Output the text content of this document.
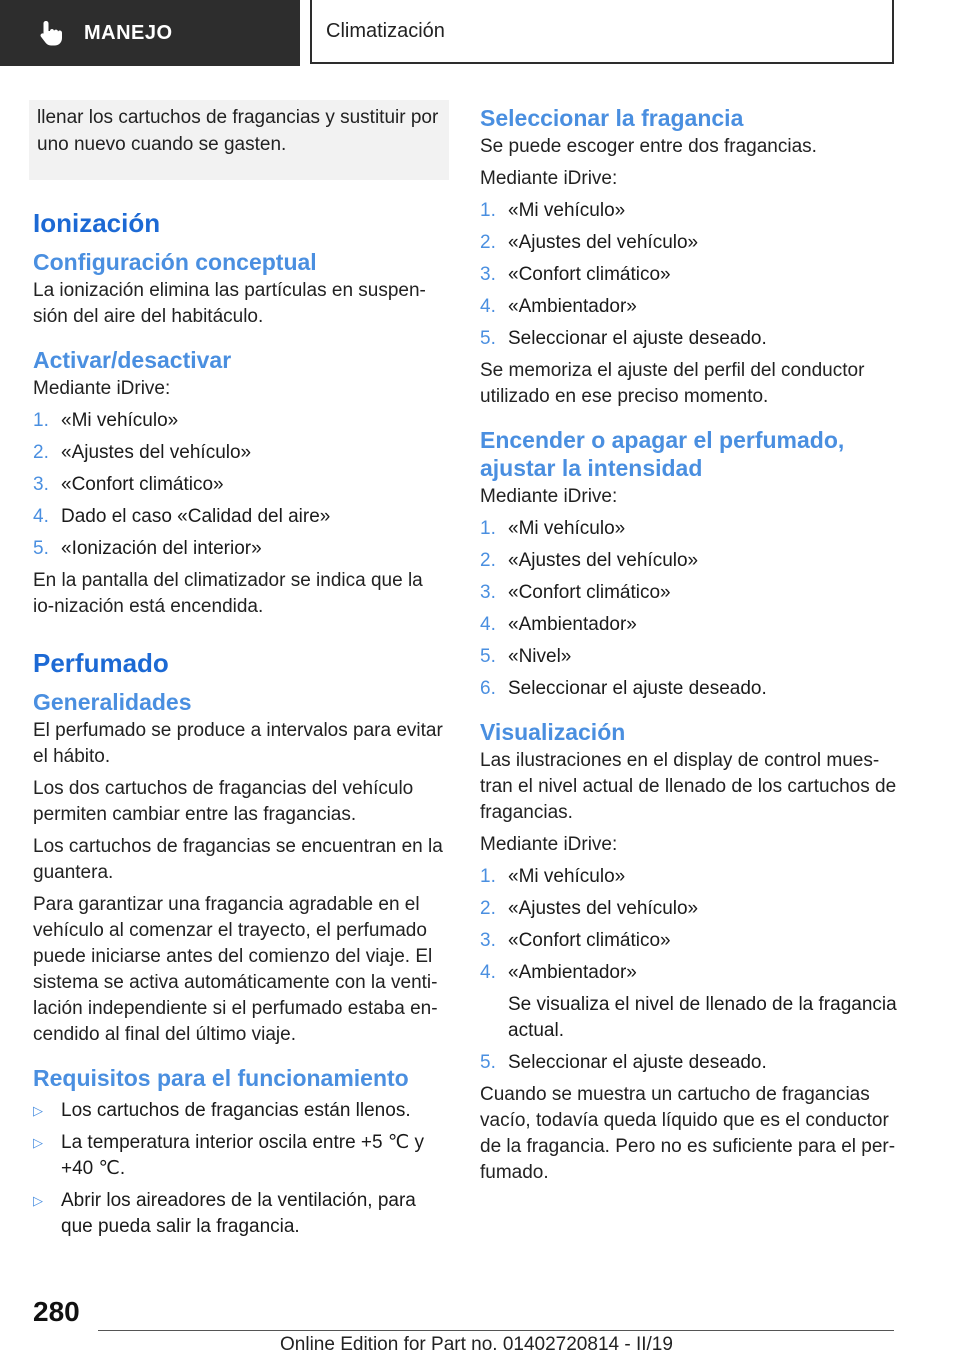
MANEJO	Climatización
llenar los cartuchos de fragancias y sustituir por uno nuevo cuando se gasten.
Ionización
Configuración conceptual

La ionización elimina las partículas en suspen-sión del aire del habitáculo.

Activar/desactivar

Mediante iDrive:

1. «Mi vehículo»
2. «Ajustes del vehículo»
3. «Confort climático»
4. Dado el caso «Calidad del aire»
5. «Ionización del interior»

En la pantalla del climatizador se indica que la io-nización está encendida.

Perfumado
Generalidades

El perfumado se produce a intervalos para evitar el hábito.

Los dos cartuchos de fragancias del vehículo permiten cambiar entre las fragancias.

Los cartuchos de fragancias se encuentran en la guantera.

Para garantizar una fragancia agradable en el vehículo al comenzar el trayecto, el perfumado puede iniciarse antes del comienzo del viaje. El sistema se activa automáticamente con la venti-lación independiente si el perfumado estaba en-cendido al final del último viaje.

Requisitos para el funcionamiento
▷ Los cartuchos de fragancias están llenos.
▷ La temperatura interior oscila entre +5 ℃ y +40 ℃.
▷ Abrir los aireadores de la ventilación, para que pueda salir la fragancia.
Seleccionar la fragancia

Se puede escoger entre dos fragancias.

Mediante iDrive:

1. «Mi vehículo»
2. «Ajustes del vehículo»
3. «Confort climático»
4. «Ambientador»
5. Seleccionar el ajuste deseado.

Se memoriza el ajuste del perfil del conductor utilizado en ese preciso momento.

Encender o apagar el perfumado, ajustar la intensidad

Mediante iDrive:

1. «Mi vehículo»
2. «Ajustes del vehículo»
3. «Confort climático»
4. «Ambientador»
5. «Nivel»
6. Seleccionar el ajuste deseado.
Visualización

Las ilustraciones en el display de control mues-tran el nivel actual de llenado de los cartuchos de fragancias.

Mediante iDrive:

1. «Mi vehículo»
2. «Ajustes del vehículo»
3. «Confort climático»
4. «Ambientador»
Se visualiza el nivel de llenado de la fragancia actual.
5. Seleccionar el ajuste deseado.

Cuando se muestra un cartucho de fragancias vacío, todavía queda líquido que es el conductor de la fragancia. Pero no es suficiente para el per-fumado.

280
Online Edition for Part no. 01402720814 - II/19
